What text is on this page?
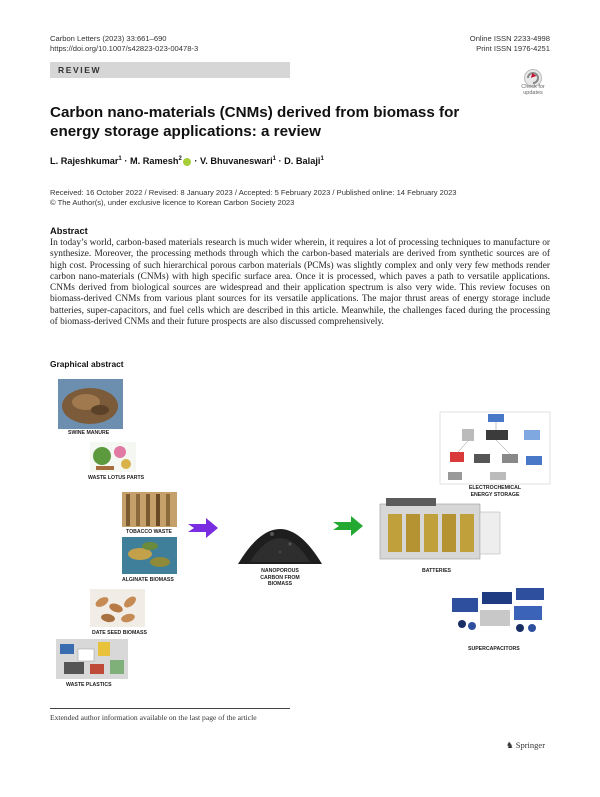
Carbon Letters (2023) 33:661–690
https://doi.org/10.1007/s42823-023-00478-3
Online ISSN 2233-4998
Print ISSN 1976-4251
REVIEW
Check for
updates
Carbon nano-materials (CNMs) derived from biomass for energy storage applications: a review
L. Rajeshkumar$^1$ · M. Ramesh$^2$ · V. Bhuvaneswari$^1$ · D. Balaji$^1$
Received: 16 October 2022 / Revised: 8 January 2023 / Accepted: 5 February 2023 / Published online: 14 February 2023
© The Author(s), under exclusive licence to Korean Carbon Society 2023
Abstract
In today’s world, carbon-based materials research is much wider wherein, it requires a lot of processing techniques to manufacture or synthesize. Moreover, the processing methods through which the carbon-based materials are derived from synthetic sources are of high cost. Processing of such hierarchical porous carbon materials (PCMs) was slightly complex and only very few methods render carbon nano-materials (CNMs) with high specific surface area. Once it is processed, which paves a path to versatile applications. CNMs derived from biological sources are widespread and their application spectrum is also very wide. This review focuses on biomass-derived CNMs from various plant sources for its versatile applications. The major thrust areas of energy storage include batteries, super-capacitors, and fuel cells which are described in this article. Meanwhile, the challenges faced during the processing of biomass-derived CNMs and their future prospects are also discussed comprehensively.
Graphical abstract
SWINE MANURE
WASTE LOTUS PARTS
TOBACCO WASTE
ALGINATE BIOMASS
DATE SEED BIOMASS
WASTE PLASTICS
NANOPOROUS
CARBON FROM
BIOMASS
ELECTROCHEMICAL
ENERGY STORAGE
BATTERIES
SUPERCAPACITORS
Extended author information available on the last page of the article
♞ Springer
